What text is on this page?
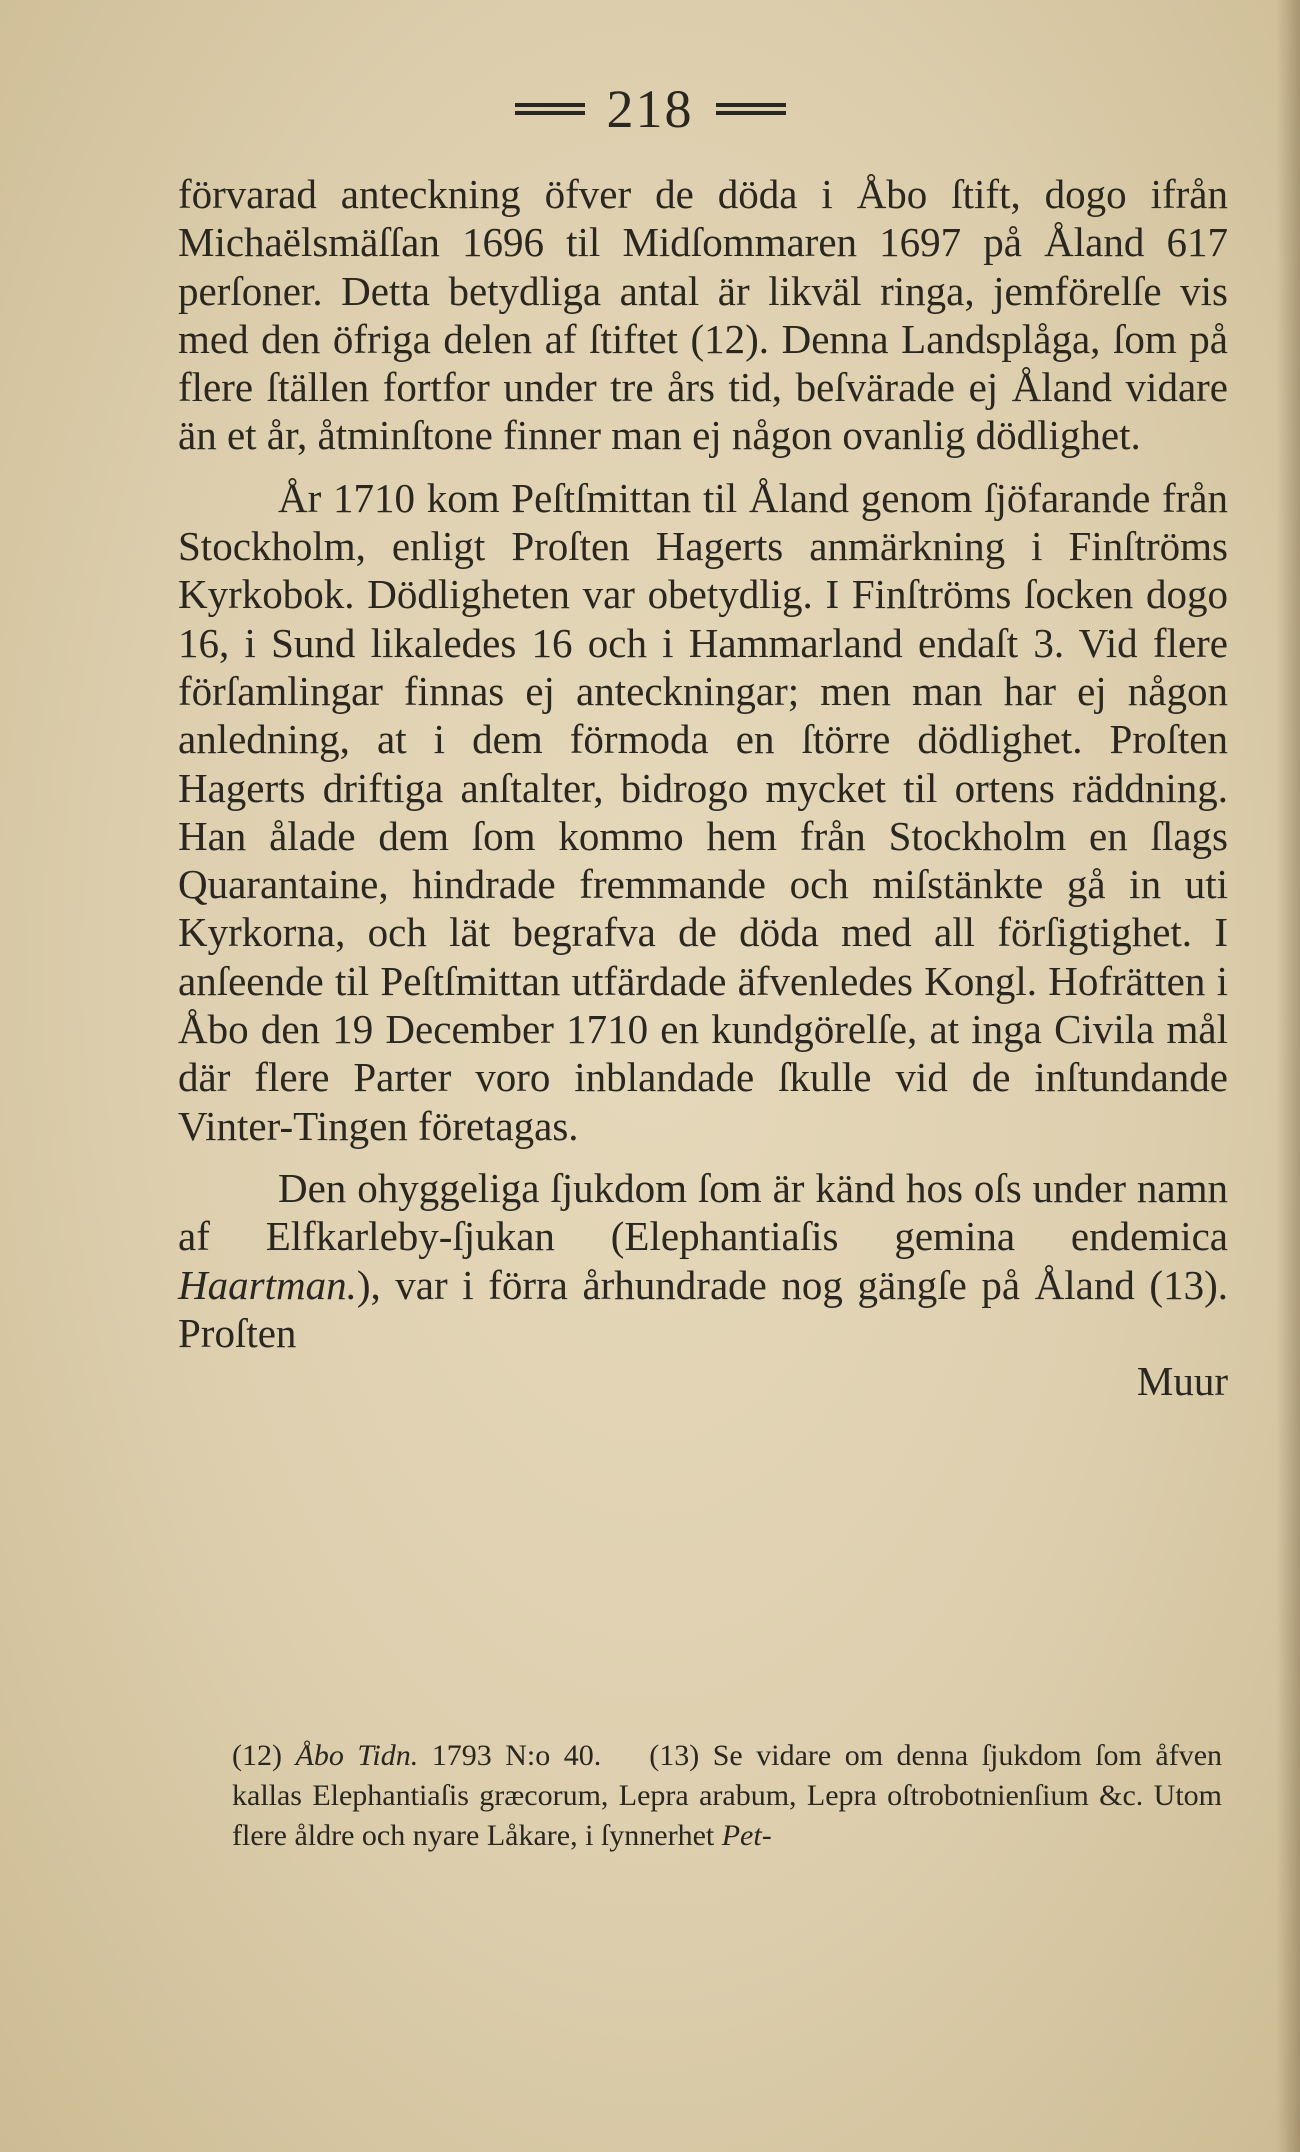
218

förvarad anteckning öfver de döda i Åbo ſtift, dogo ifrån Michaëlsmäſſan 1696 til Midſommaren 1697 på Åland 617 perſoner. Detta betydliga antal är likväl ringa, jemförelſe vis med den öfriga delen af ſtiftet (12). Denna Landsplåga, ſom på flere ſtällen fortfor under tre års tid, beſvärade ej Åland vidare än et år, åtminſtone finner man ej någon ovanlig dödlighet.

År 1710 kom Peſtſmittan til Åland genom ſjöfarande från Stockholm, enligt Proſten Hagerts anmärkning i Finſtröms Kyrkobok. Dödligheten var obetydlig. I Finſtröms ſocken dogo 16, i Sund likaledes 16 och i Hammarland endaſt 3. Vid flere förſamlingar finnas ej anteckningar; men man har ej någon anledning, at i dem förmoda en ſtörre dödlighet. Proſten Hagerts driftiga anſtalter, bidrogo mycket til ortens räddning. Han ålade dem ſom kommo hem från Stockholm en ſlags Quarantaine, hindrade fremmande och miſstänkte gå in uti Kyrkorna, och lät begrafva de döda med all förſigtighet. I anſeende til Peſtſmittan utfärdade äfvenledes Kongl. Hofrätten i Åbo den 19 December 1710 en kundgörelſe, at inga Civila mål där flere Parter voro inblandade ſkulle vid de inſtundande Vinter-Tingen företagas.

Den ohyggeliga ſjukdom ſom är känd hos oſs under namn af Elfkarleby-ſjukan (Elephantiaſis gemina endemica Haartman.), var i förra århundrade nog gängſe på Åland (13). Proſten

Muur
(12) Åbo Tidn. 1793 N:o 40. (13) Se vidare om denna ſjukdom ſom åfven kallas Elephantiaſis græcorum, Lepra arabum, Lepra oſtrobotnienſium &c. Utom flere åldre och nyare Låkare, i ſynnerhet Pet-
